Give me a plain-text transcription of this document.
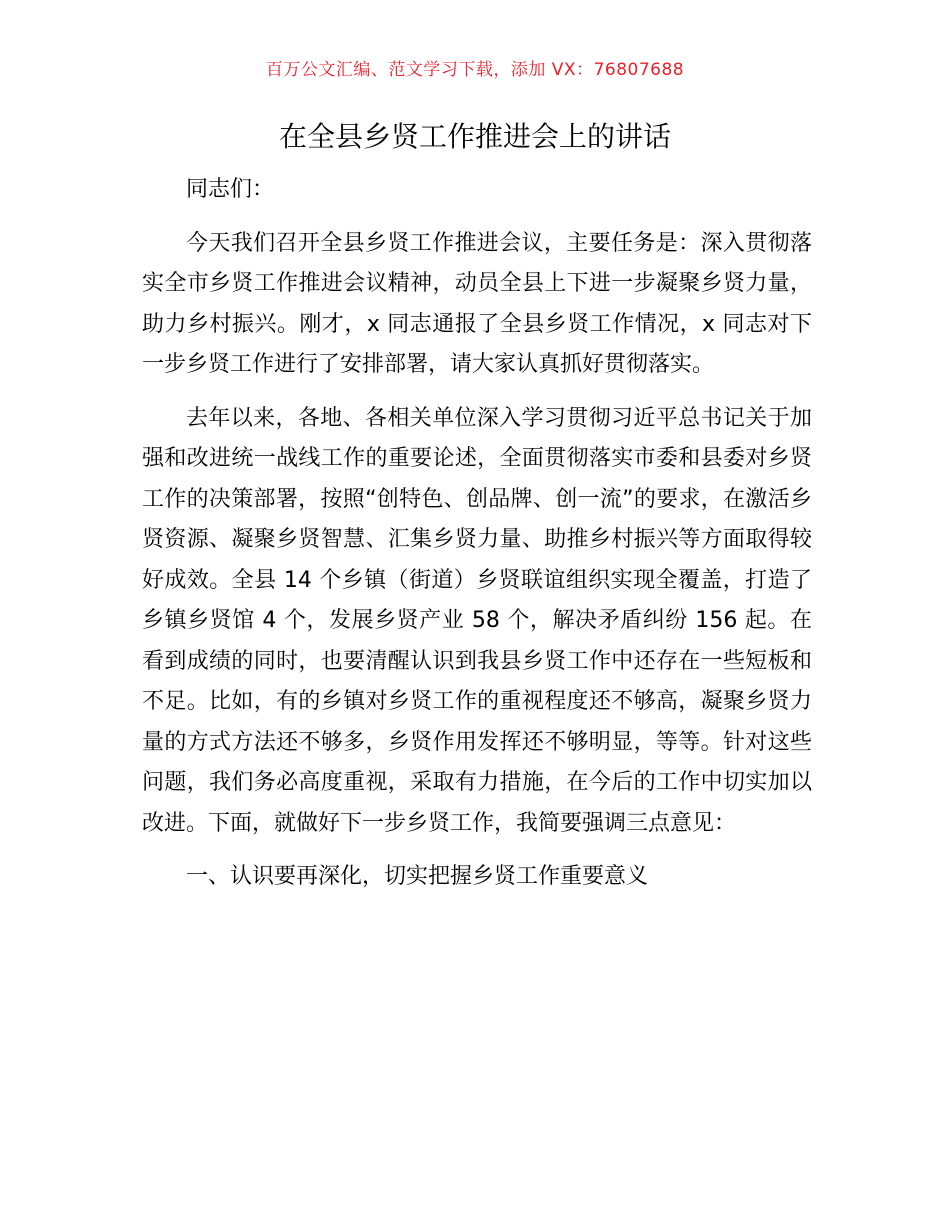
百万公文汇编、范文学习下载，添加 VX：76807688
在全县乡贤工作推进会上的讲话

同志们：

今天我们召开全县乡贤工作推进会议，主要任务是：深入贯彻落实全市乡贤工作推进会议精神，动员全县上下进一步凝聚乡贤力量，助力乡村振兴。刚才，x 同志通报了全县乡贤工作情况，x 同志对下一步乡贤工作进行了安排部署，请大家认真抓好贯彻落实。

去年以来，各地、各相关单位深入学习贯彻习近平总书记关于加强和改进统一战线工作的重要论述，全面贯彻落实市委和县委对乡贤工作的决策部署，按照“创特色、创品牌、创一流”的要求，在激活乡贤资源、凝聚乡贤智慧、汇集乡贤力量、助推乡村振兴等方面取得较好成效。全县 14 个乡镇（街道）乡贤联谊组织实现全覆盖，打造了乡镇乡贤馆 4 个，发展乡贤产业 58 个，解决矛盾纠纷 156 起。在看到成绩的同时，也要清醒认识到我县乡贤工作中还存在一些短板和不足。比如，有的乡镇对乡贤工作的重视程度还不够高，凝聚乡贤力量的方式方法还不够多，乡贤作用发挥还不够明显，等等。针对这些问题，我们务必高度重视，采取有力措施，在今后的工作中切实加以改进。下面，就做好下一步乡贤工作，我简要强调三点意见：

一、认识要再深化，切实把握乡贤工作重要意义
